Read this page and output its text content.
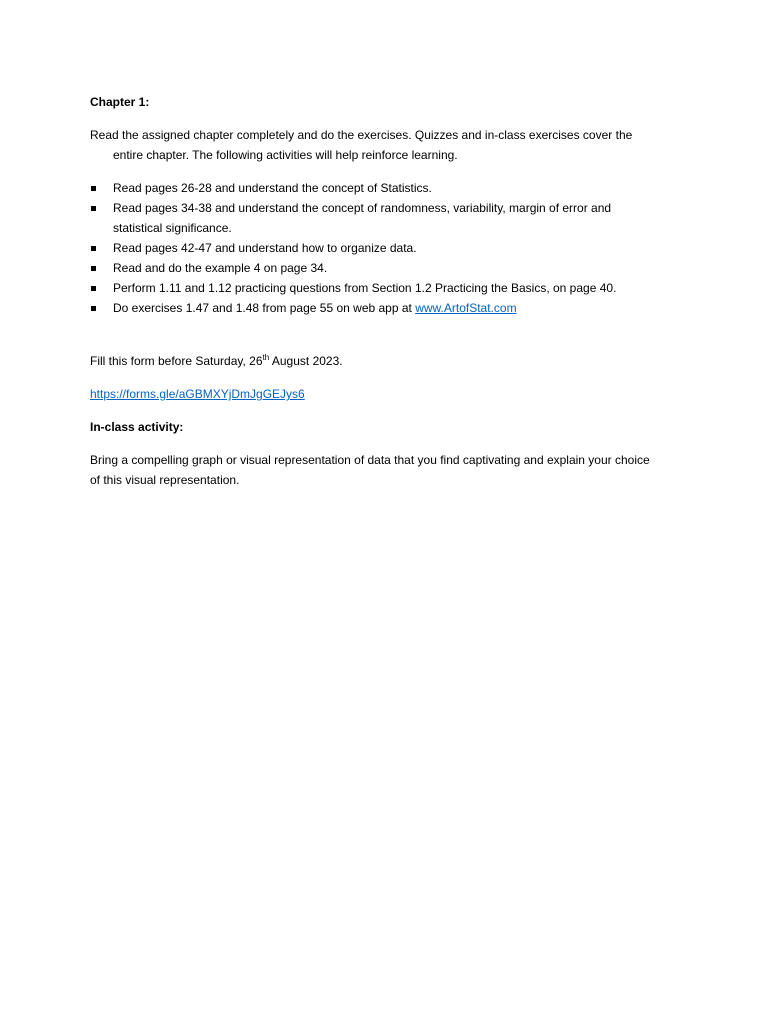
Chapter 1:

Read the assigned chapter completely and do the exercises. Quizzes and in-class exercises cover the entire chapter. The following activities will help reinforce learning.

Read pages 26-28 and understand the concept of Statistics.
Read pages 34-38 and understand the concept of randomness, variability, margin of error and statistical significance.
Read pages 42-47 and understand how to organize data.
Read and do the example 4 on page 34.
Perform 1.11 and 1.12 practicing questions from Section 1.2 Practicing the Basics, on page 40.
Do exercises 1.47 and 1.48 from page 55 on web app at www.ArtofStat.com

Fill this form before Saturday, 26th August 2023.

https://forms.gle/aGBMXYjDmJgGEJys6

In-class activity:

Bring a compelling graph or visual representation of data that you find captivating and explain your choice of this visual representation.
